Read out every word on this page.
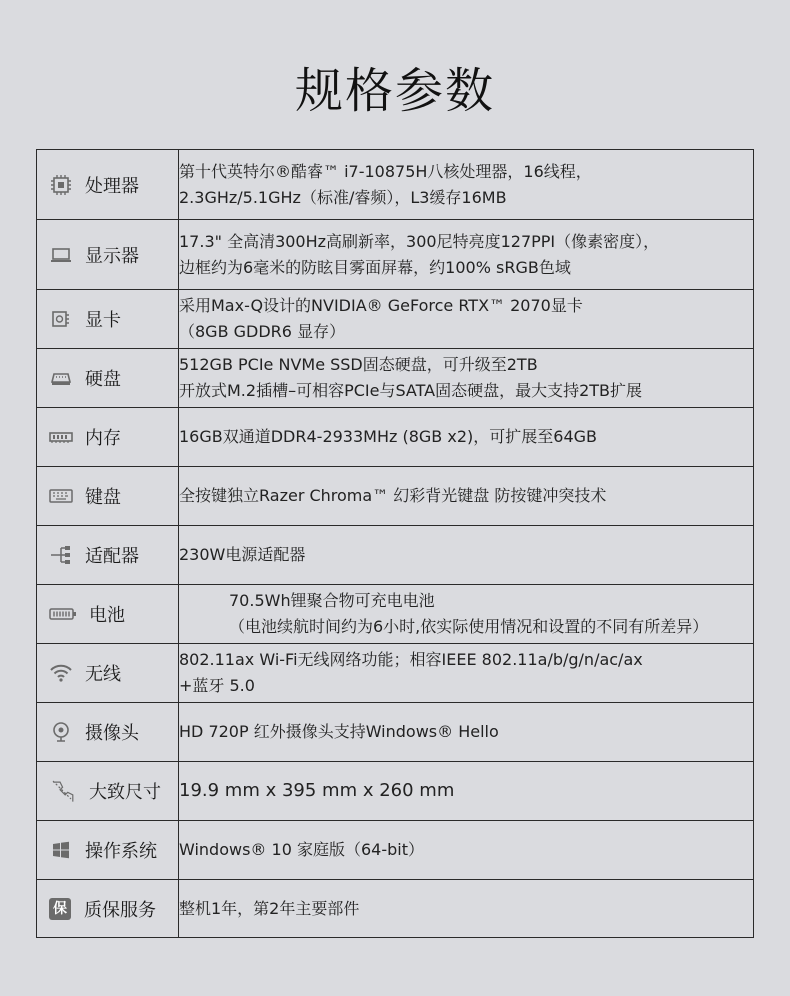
规格参数
处理器	第十代英特尔®酷睿™ i7-10875H八核处理器，16线程，
2.3GHz/5.1GHz（标准/睿频），L3缓存16MB

显示器	17.3" 全高清300Hz高刷新率，300尼特亮度127PPI（像素密度），
边框约为6毫米的防眩目雾面屏幕，约100% sRGB色域

显卡	采用Max-Q设计的NVIDIA® GeForce RTX™ 2070显卡
（8GB GDDR6 显存）

硬盘	512GB PCIe NVMe SSD固态硬盘，可升级至2TB
开放式M.2插槽–可相容PCIe与SATA固态硬盘，最大支持2TB扩展

内存	16GB双通道DDR4-2933MHz (8GB x2)，可扩展至64GB

键盘	全按键独立Razer Chroma™ 幻彩背光键盘 防按键冲突技术

适配器	230W电源适配器

电池	70.5Wh锂聚合物可充电电池
（电池续航时间约为6小时,依实际使用情况和设置的不同有所差异）

无线	802.11ax Wi-Fi无线网络功能；相容IEEE 802.11a/b/g/n/ac/ax
+蓝牙 5.0

摄像头	HD 720P 红外摄像头支持Windows® Hello

大致尺寸	19.9 mm x 395 mm x 260 mm

操作系统	Windows® 10 家庭版（64-bit）

保 质保服务	整机1年，第2年主要部件
